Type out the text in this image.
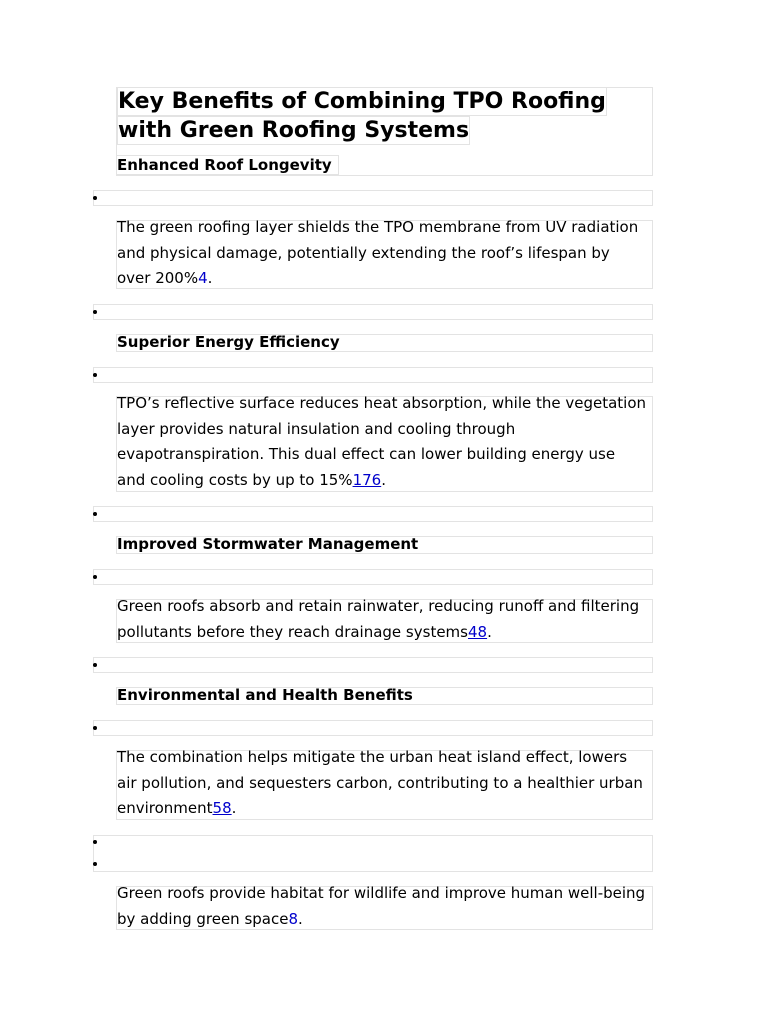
Key Benefits of Combining TPO Roofing
with Green Roofing Systems
Enhanced Roof Longevity

The green roofing layer shields the TPO membrane from UV radiation and physical damage, potentially extending the roof’s lifespan by over 200%4.

Superior Energy Efficiency

TPO’s reflective surface reduces heat absorption, while the vegetation layer provides natural insulation and cooling through evapotranspiration. This dual effect can lower building energy use and cooling costs by up to 15%176.

Improved Stormwater Management

Green roofs absorb and retain rainwater, reducing runoff and filtering pollutants before they reach drainage systems48.

Environmental and Health Benefits

The combination helps mitigate the urban heat island effect, lowers air pollution, and sequesters carbon, contributing to a healthier urban environment58.

Green roofs provide habitat for wildlife and improve human well-being by adding green space8.
